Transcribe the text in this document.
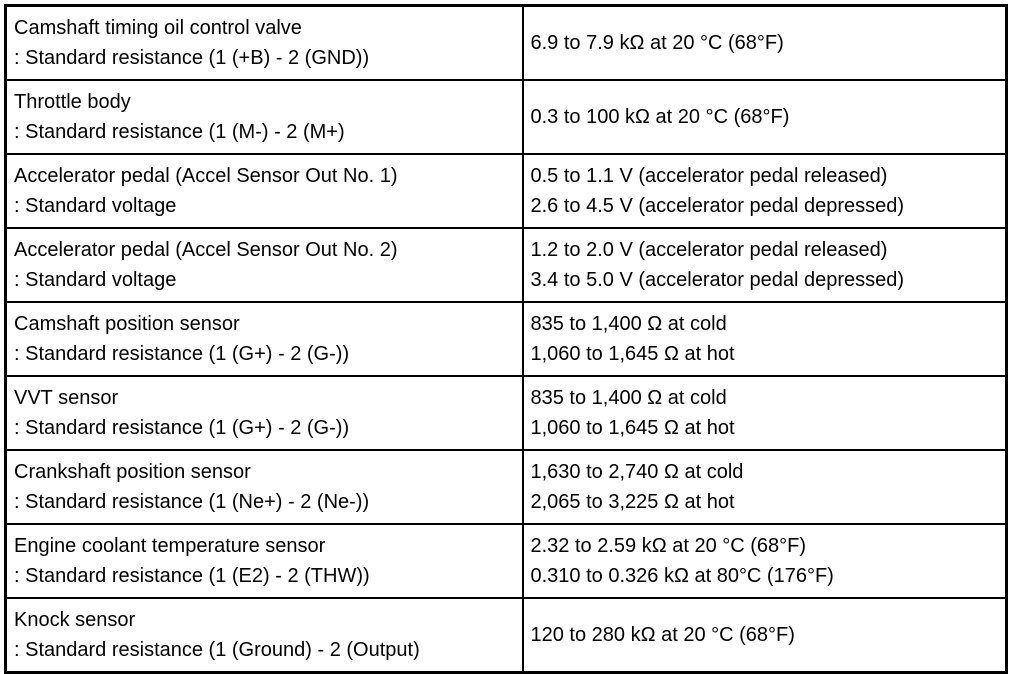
Camshaft timing oil control valve
: Standard resistance (1 (+B) - 2 (GND))	6.9 to 7.9 kΩ at 20 °C (68°F)

Throttle body
: Standard resistance (1 (M-) - 2 (M+)	0.3 to 100 kΩ at 20 °C (68°F)

Accelerator pedal (Accel Sensor Out No. 1)
: Standard voltage	0.5 to 1.1 V (accelerator pedal released)
2.6 to 4.5 V (accelerator pedal depressed)

Accelerator pedal (Accel Sensor Out No. 2)
: Standard voltage	1.2 to 2.0 V (accelerator pedal released)
3.4 to 5.0 V (accelerator pedal depressed)

Camshaft position sensor
: Standard resistance (1 (G+) - 2 (G-))	835 to 1,400 Ω at cold
1,060 to 1,645 Ω at hot

VVT sensor
: Standard resistance (1 (G+) - 2 (G-))	835 to 1,400 Ω at cold
1,060 to 1,645 Ω at hot

Crankshaft position sensor
: Standard resistance (1 (Ne+) - 2 (Ne-))	1,630 to 2,740 Ω at cold
2,065 to 3,225 Ω at hot

Engine coolant temperature sensor
: Standard resistance (1 (E2) - 2 (THW))	2.32 to 2.59 kΩ at 20 °C (68°F)
0.310 to 0.326 kΩ at 80°C (176°F)

Knock sensor
: Standard resistance (1 (Ground) - 2 (Output)	120 to 280 kΩ at 20 °C (68°F)
